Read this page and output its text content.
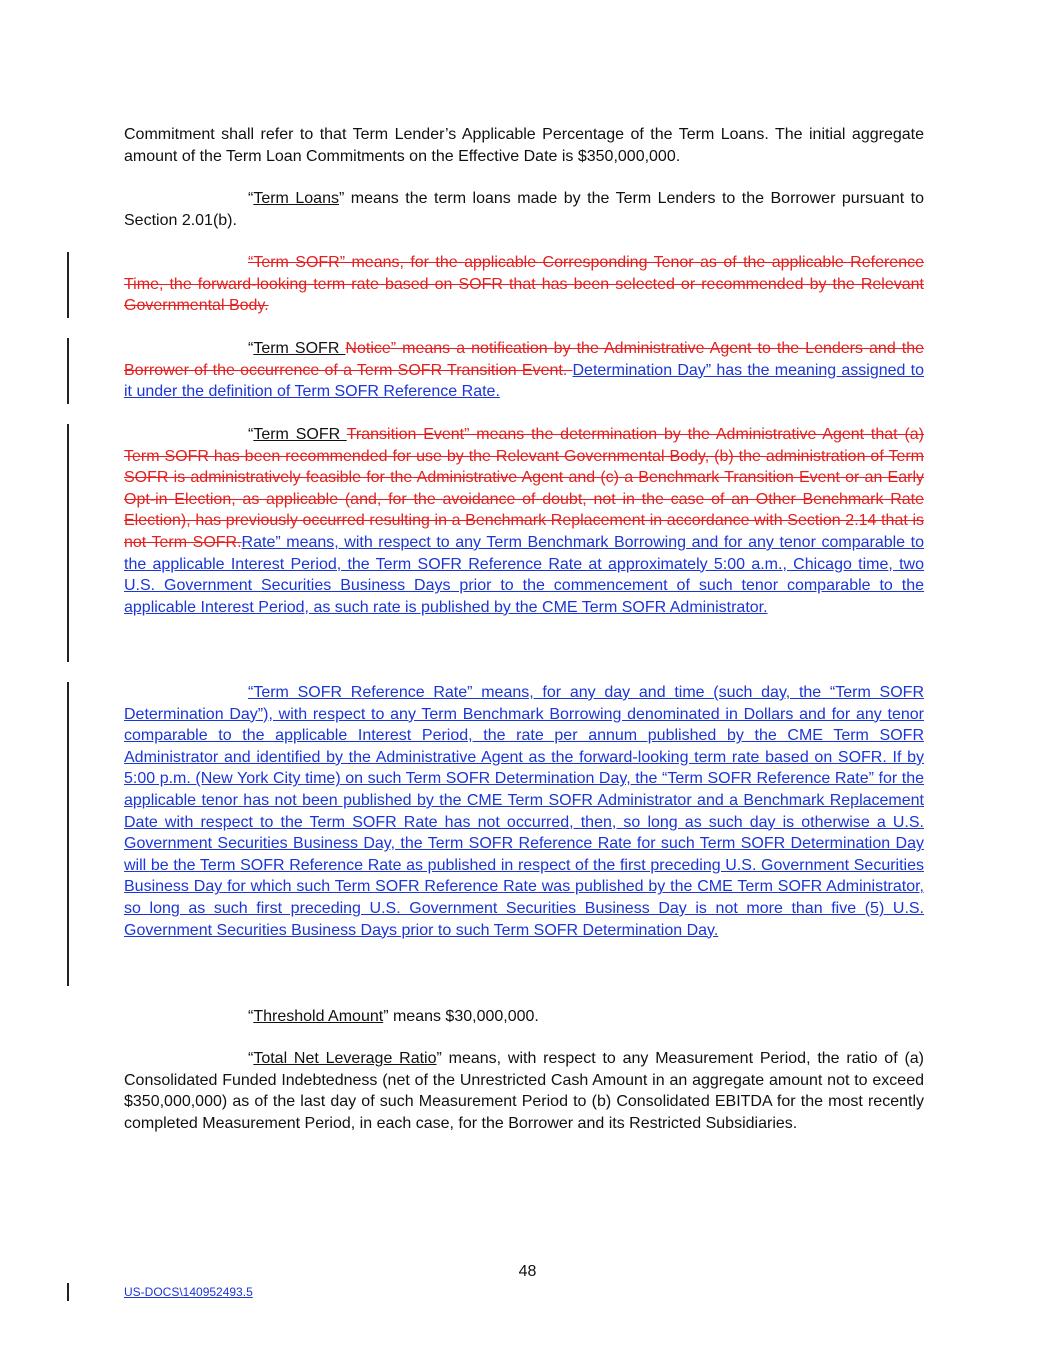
Commitment shall refer to that Term Lender’s Applicable Percentage of the Term Loans. The initial aggregate amount of the Term Loan Commitments on the Effective Date is $350,000,000.

“Term Loans” means the term loans made by the Term Lenders to the Borrower pursuant to Section 2.01(b).

“Term SOFR” means, for the applicable Corresponding Tenor as of the applicable Reference Time, the forward-looking term rate based on SOFR that has been selected or recommended by the Relevant Governmental Body.

“Term SOFR Notice” means a notification by the Administrative Agent to the Lenders and the Borrower of the occurrence of a Term SOFR Transition Event. Determination Day” has the meaning assigned to it under the definition of Term SOFR Reference Rate.

“Term SOFR Transition Event” means the determination by the Administrative Agent that (a) Term SOFR has been recommended for use by the Relevant Governmental Body, (b) the administration of Term SOFR is administratively feasible for the Administrative Agent and (c) a Benchmark Transition Event or an Early Opt-in Election, as applicable (and, for the avoidance of doubt, not in the case of an Other Benchmark Rate Election), has previously occurred resulting in a Benchmark Replacement in accordance with Section 2.14 that is not Term SOFR.Rate” means, with respect to any Term Benchmark Borrowing and for any tenor comparable to the applicable Interest Period, the Term SOFR Reference Rate at approximately 5:00 a.m., Chicago time, two U.S. Government Securities Business Days prior to the commencement of such tenor comparable to the applicable Interest Period, as such rate is published by the CME Term SOFR Administrator.

“Term SOFR Reference Rate” means, for any day and time (such day, the “Term SOFR Determination Day”), with respect to any Term Benchmark Borrowing denominated in Dollars and for any tenor comparable to the applicable Interest Period, the rate per annum published by the CME Term SOFR Administrator and identified by the Administrative Agent as the forward-looking term rate based on SOFR. If by 5:00 p.m. (New York City time) on such Term SOFR Determination Day, the “Term SOFR Reference Rate” for the applicable tenor has not been published by the CME Term SOFR Administrator and a Benchmark Replacement Date with respect to the Term SOFR Rate has not occurred, then, so long as such day is otherwise a U.S. Government Securities Business Day, the Term SOFR Reference Rate for such Term SOFR Determination Day will be the Term SOFR Reference Rate as published in respect of the first preceding U.S. Government Securities Business Day for which such Term SOFR Reference Rate was published by the CME Term SOFR Administrator, so long as such first preceding U.S. Government Securities Business Day is not more than five (5) U.S. Government Securities Business Days prior to such Term SOFR Determination Day.

“Threshold Amount” means $30,000,000.

“Total Net Leverage Ratio” means, with respect to any Measurement Period, the ratio of (a) Consolidated Funded Indebtedness (net of the Unrestricted Cash Amount in an aggregate amount not to exceed $350,000,000) as of the last day of such Measurement Period to (b) Consolidated EBITDA for the most recently completed Measurement Period, in each case, for the Borrower and its Restricted Subsidiaries.

48
US-DOCS\140952493.5
